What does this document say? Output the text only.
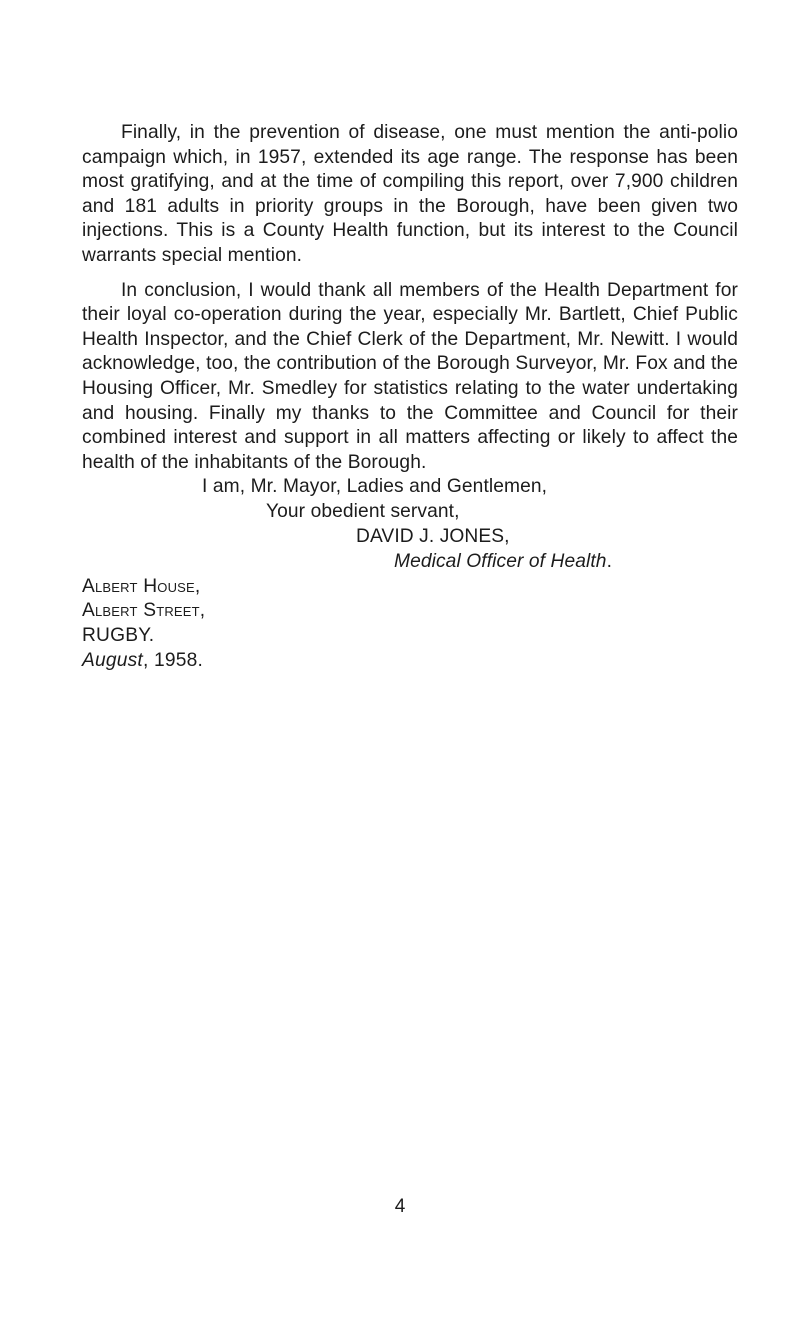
Finally, in the prevention of disease, one must mention the anti-polio campaign which, in 1957, extended its age range. The response has been most gratifying, and at the time of compiling this report, over 7,900 children and 181 adults in priority groups in the Borough, have been given two injections. This is a County Health function, but its interest to the Council warrants special mention.

In conclusion, I would thank all members of the Health Department for their loyal co-operation during the year, especially Mr. Bartlett, Chief Public Health Inspector, and the Chief Clerk of the Department, Mr. Newitt. I would acknowledge, too, the contribution of the Borough Surveyor, Mr. Fox and the Housing Officer, Mr. Smedley for statistics relating to the water undertaking and housing. Finally my thanks to the Committee and Council for their combined interest and support in all matters affecting or likely to affect the health of the inhabitants of the Borough.

I am, Mr. Mayor, Ladies and Gentlemen,
Your obedient servant,
DAVID J. JONES,
Medical Officer of Health.
Albert House,
Albert Street,
RUGBY.
August, 1958.
4
